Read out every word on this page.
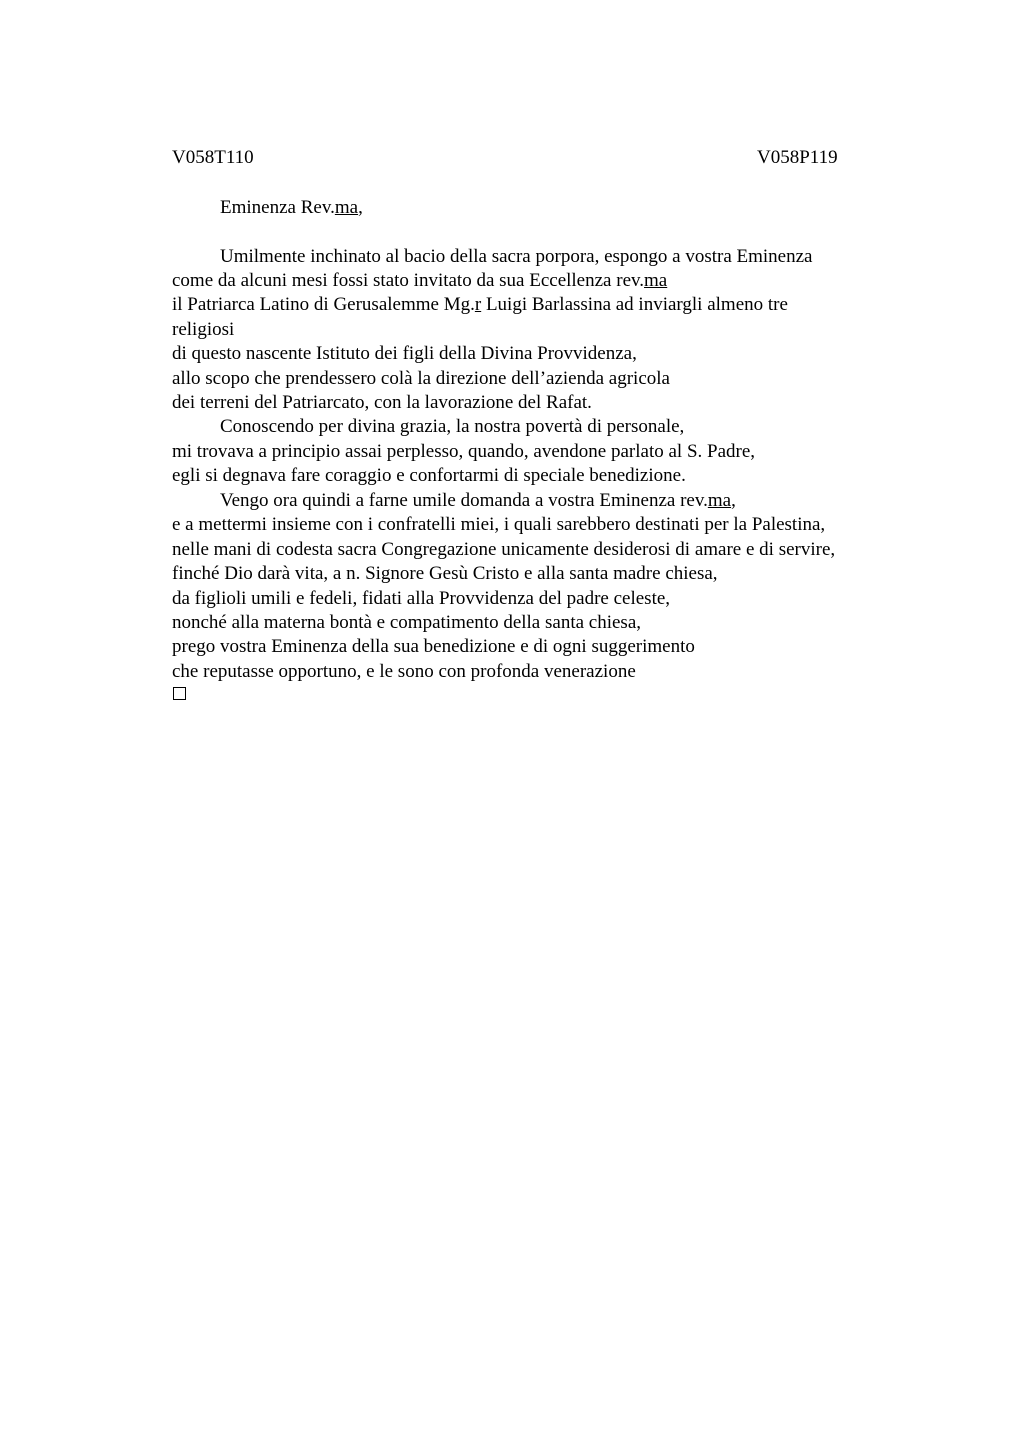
V058T110	V058P119
Eminenza Rev.ma,
Umilmente inchinato al bacio della sacra porpora, espongo a vostra Eminenza
come da alcuni mesi fossi stato invitato da sua Eccellenza rev.ma
il Patriarca Latino di Gerusalemme Mg.r Luigi Barlassina ad inviargli almeno tre
religiosi
di questo nascente Istituto dei figli della Divina Provvidenza,
allo scopo che prendessero colà la direzione dell’azienda agricola
dei terreni del Patriarcato, con la lavorazione del Rafat.
Conoscendo per divina grazia, la nostra povertà di personale,
mi trovava a principio assai perplesso, quando, avendone parlato al S. Padre,
egli si degnava fare coraggio e confortarmi di speciale benedizione.
Vengo ora quindi a farne umile domanda a vostra Eminenza rev.ma,
e a mettermi insieme con i confratelli miei, i quali sarebbero destinati per la Palestina,
nelle mani di codesta sacra Congregazione unicamente desiderosi di amare e di servire,
finché Dio darà vita, a n. Signore Gesù Cristo e alla santa madre chiesa,
da figlioli umili e fedeli, fidati alla Provvidenza del padre celeste,
nonché alla materna bontà e compatimento della santa chiesa,
prego vostra Eminenza della sua benedizione e di ogni suggerimento
che reputasse opportuno, e le sono con profonda venerazione
